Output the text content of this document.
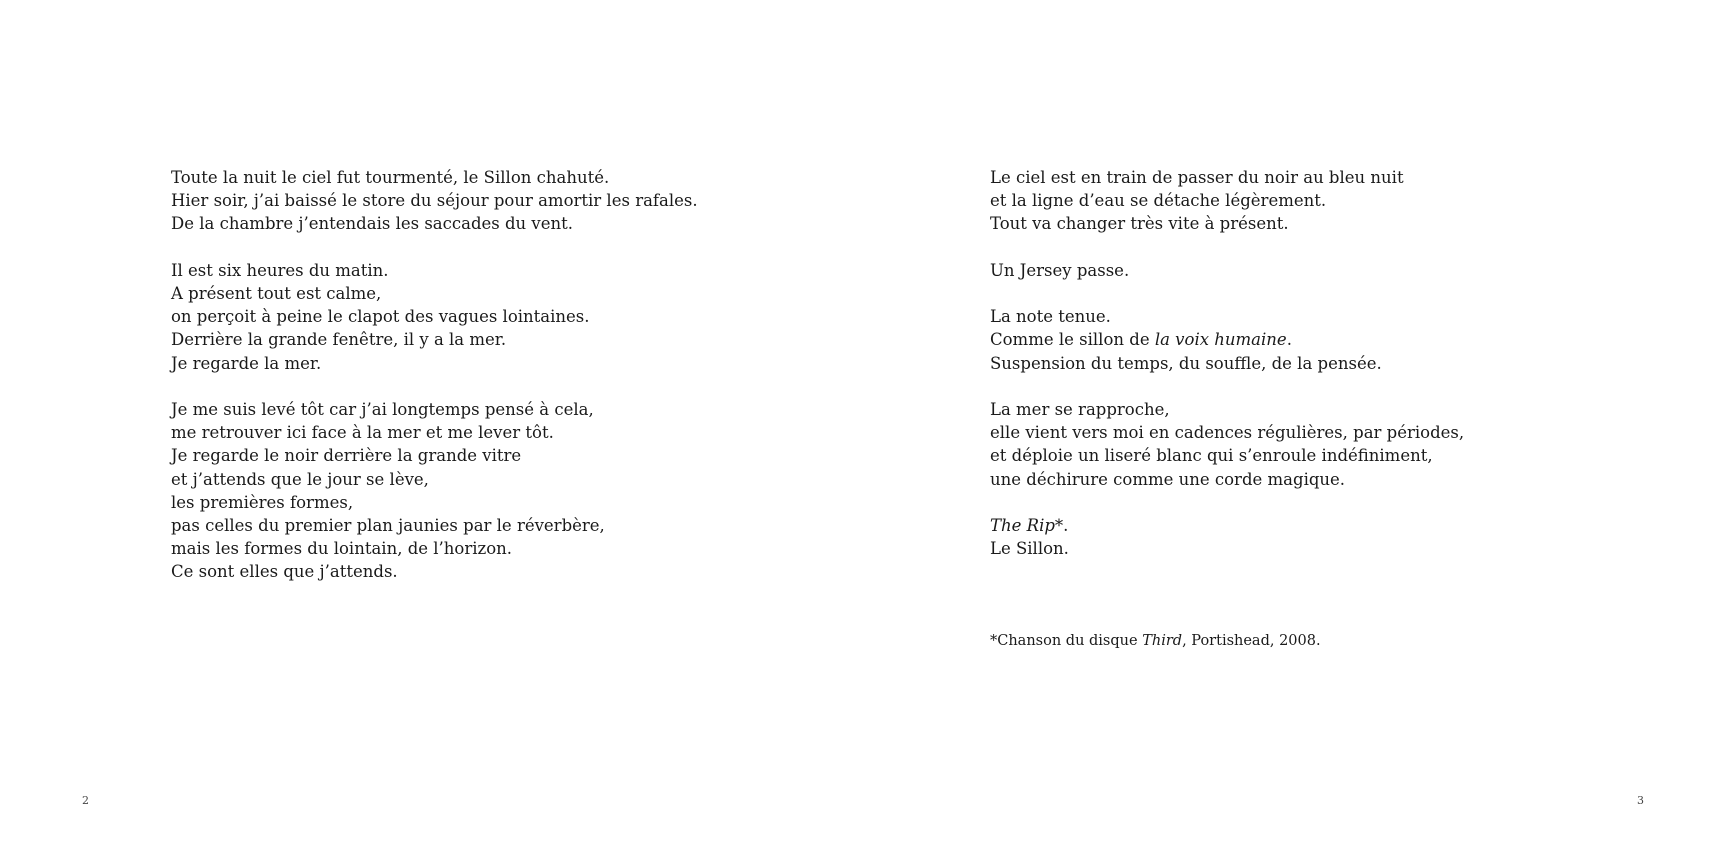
Toute la nuit le ciel fut tourmenté, le Sillon chahuté.
Hier soir, j’ai baissé le store du séjour pour amortir les rafales.
De la chambre j’entendais les saccades du vent.

Il est six heures du matin.
A présent tout est calme,
on perçoit à peine le clapot des vagues lointaines.
Derrière la grande fenêtre, il y a la mer.
Je regarde la mer.

Je me suis levé tôt car j’ai longtemps pensé à cela,
me retrouver ici face à la mer et me lever tôt.
Je regarde le noir derrière la grande vitre
et j’attends que le jour se lève,
les premières formes,
pas celles du premier plan jaunies par le réverbère,
mais les formes du lointain, de l’horizon.
Ce sont elles que j’attends.

2

Le ciel est en train de passer du noir au bleu nuit
et la ligne d’eau se détache légèrement.
Tout va changer très vite à présent.

Un Jersey passe.

La note tenue.
Comme le sillon de la voix humaine.
Suspension du temps, du souffle, de la pensée.

La mer se rapproche,
elle vient vers moi en cadences régulières, par périodes,
et déploie un liseré blanc qui s’enroule indéfiniment,
une déchirure comme une corde magique.

The Rip*.
Le Sillon.

*Chanson du disque Third, Portishead, 2008.
3
